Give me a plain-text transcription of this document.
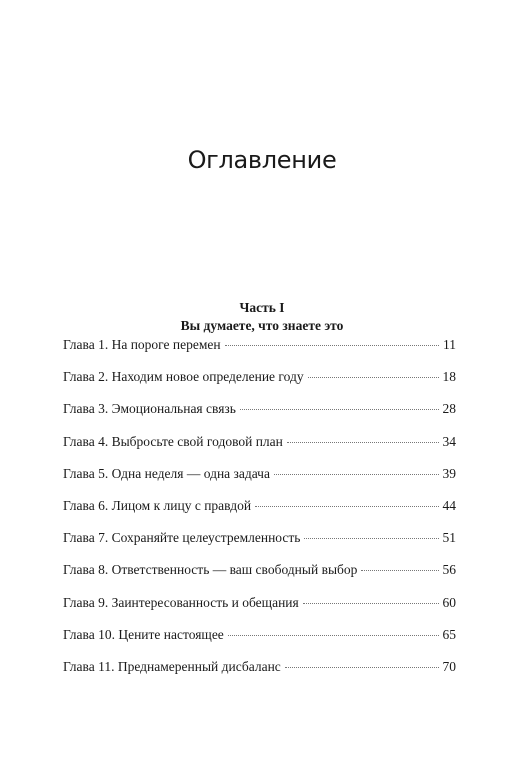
Оглавление
Часть I
Вы думаете, что знаете это
Глава 1. На пороге перемен	11
Глава 2. Находим новое определение году	18
Глава 3. Эмоциональная связь	28
Глава 4. Выбросьте свой годовой план	34
Глава 5. Одна неделя — одна задача	39
Глава 6. Лицом к лицу с правдой	44
Глава 7. Сохраняйте целеустремленность	51
Глава 8. Ответственность — ваш свободный выбор	56
Глава 9. Заинтересованность и обещания	60
Глава 10. Цените настоящее	65
Глава 11. Преднамеренный дисбаланс	70
